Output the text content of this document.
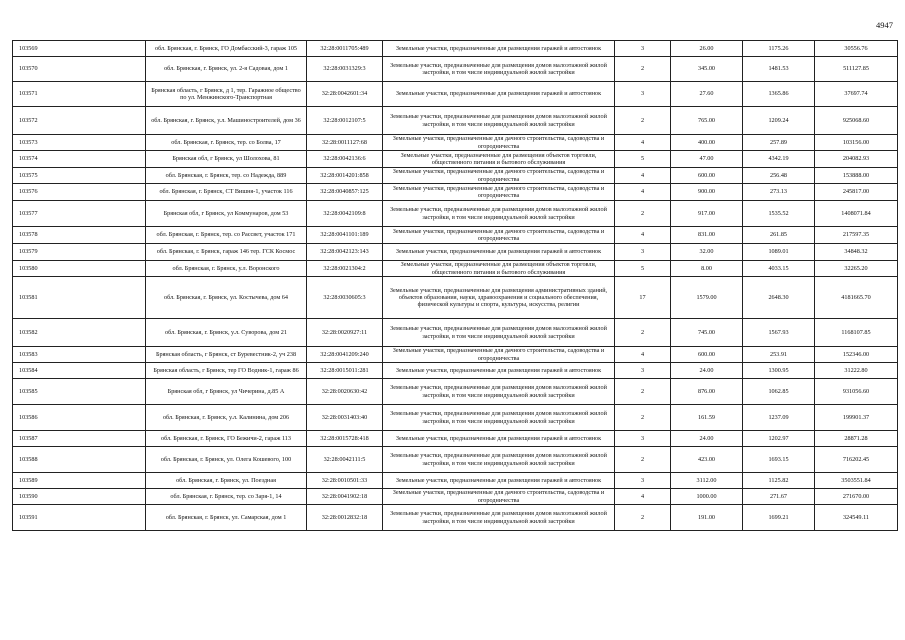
4947
103569	обл. Брянская, г. Брянск, ГО Домбасский-3, гараж 105	32:28:0011705:489	Земельные участки, предназначенные для размещения гаражей и автостоянок	3	26.00	1175.26	30556.76
103570	обл. Брянская, г. Брянск, ул. 2-я Садовая, дом 1	32:28:0031329:3	Земельные участки, предназначенные для размещения домов малоэтажной жилой застройки, в том числе индивидуальной жилой застройки	2	345.00	1481.53	511127.85
103571	Брянская область, г Брянск, д 1, тер. Гаражное общество по ул. Менжинского-Транспортная	32:28:0042601:34	Земельные участки, предназначенные для размещения гаражей и автостоянок	3	27.60	1365.86	37697.74
103572	обл. Брянская, г. Брянск, у.л. Машиностроителей, дом 36	32:28:0012107:5	Земельные участки, предназначенные для размещения домов малоэтажной жилой застройки, в том числе индивидуальной жилой застройки	2	765.00	1209.24	925068.60
103573	обл. Брянская, г. Брянск, тер. со Болва, 17	32:28:0011127:68	Земельные участки, предназначенные для дачного строительства, садоводства и огородничества	4	400.00	257.89	103156.00
103574	Брянская обл, г Брянск, ул Шолохова, 81	32:28:0042136:6	Земельные участки, предназначенные для размещения объектов торговли, общественного питания и бытового обслуживания	5	47.00	4342.19	204082.93
103575	обл. Брянская, г. Брянск, тер. со Надежда, 889	32:28:0014201:858	Земельные участки, предназначенные для дачного строительства, садоводства и огородничества	4	600.00	256.48	153888.00
103576	обл. Брянская, г. Брянск, СТ Вишня-1, участок 116	32:28:0040857:125	Земельные участки, предназначенные для дачного строительства, садоводства и огородничества	4	900.00	273.13	245817.00
103577	Брянская обл, г Брянск, ул Коммунаров, дом 53	32:28:0042109:8	Земельные участки, предназначенные для размещения домов малоэтажной жилой застройки, в том числе индивидуальной жилой застройки	2	917.00	1535.52	1408071.84
103578	обл. Брянская, г. Брянск, тер. со Рассвет, участок 171	32:28:0041101:189	Земельные участки, предназначенные для дачного строительства, садоводства и огородничества	4	831.00	261.85	217597.35
103579	обл. Брянская, г. Брянск, гараж 146 тер. ГСК Космос	32:28:0042123:143	Земельные участки, предназначенные для размещения гаражей и автостоянок	3	32.00	1089.01	34848.32
103580	обл. Брянская, г. Брянск, у.л. Воронского	32:28:0021304:2	Земельные участки, предназначенные для размещения объектов торговли, общественного питания и бытового обслуживания	5	8.00	4033.15	32265.20
103581	обл. Брянская, г. Брянск, ул. Костычева, дом 64	32:28:0030605:3	Земельные участки, предназначенные для размещения административных зданий, объектов образования, науки, здравоохранения и социального обеспечения, физической культуры и спорта, культуры, искусства, религии	17	1579.00	2648.30	4181665.70
103582	обл. Брянская, г. Брянск, у.л. Суворова, дом 21	32:28:0020927:11	Земельные участки, предназначенные для размещения домов малоэтажной жилой застройки, в том числе индивидуальной жилой застройки	2	745.00	1567.93	1168107.85
103583	Брянская область, г Брянск, ст Буревестник-2, уч 238	32:28:0041209:240	Земельные участки, предназначенные для дачного строительства, садоводства и огородничества	4	600.00	253.91	152346.00
103584	Брянская область, г Брянск, тер ГО Водник-1, гараж 86	32:28:0015011:281	Земельные участки, предназначенные для размещения гаражей и автостоянок	3	24.00	1300.95	31222.80
103585	Брянская обл, г Брянск, ул Чичерина, д.85 А	32:28:0020630:42	Земельные участки, предназначенные для размещения домов малоэтажной жилой застройки, в том числе индивидуальной жилой застройки	2	876.00	1062.85	931056.60
103586	обл. Брянская, г. Брянск, у.л. Калинина, дом 206	32:28:0031403:40	Земельные участки, предназначенные для размещения домов малоэтажной жилой застройки, в том числе индивидуальной жилой застройки	2	161.59	1237.09	199901.37
103587	обл. Брянская, г. Брянск, ГО Бежичи-2, гараж 113	32:28:0015728:418	Земельные участки, предназначенные для размещения гаражей и автостоянок	3	24.00	1202.97	28871.28
103588	обл. Брянская, г. Брянск, ул. Олега Кошевого, 100	32:28:0042111:5	Земельные участки, предназначенные для размещения домов малоэтажной жилой застройки, в том числе индивидуальной жилой застройки	2	423.00	1693.15	716202.45
103589	обл. Брянская, г. Брянск, ул. Поездная	32:28:0010501:33	Земельные участки, предназначенные для размещения гаражей и автостоянок	3	3112.00	1125.82	3503551.84
103590	обл. Брянская, г. Брянск, тер. со Заря-1, 14	32:28:0041902:18	Земельные участки, предназначенные для дачного строительства, садоводства и огородничества	4	1000.00	271.67	271670.00
103591	обл. Брянская, г. Брянск, ул. Самарская, дом 1	32:28:0012832:18	Земельные участки, предназначенные для размещения домов малоэтажной жилой застройки, в том числе индивидуальной жилой застройки	2	191.00	1699.21	324549.11
